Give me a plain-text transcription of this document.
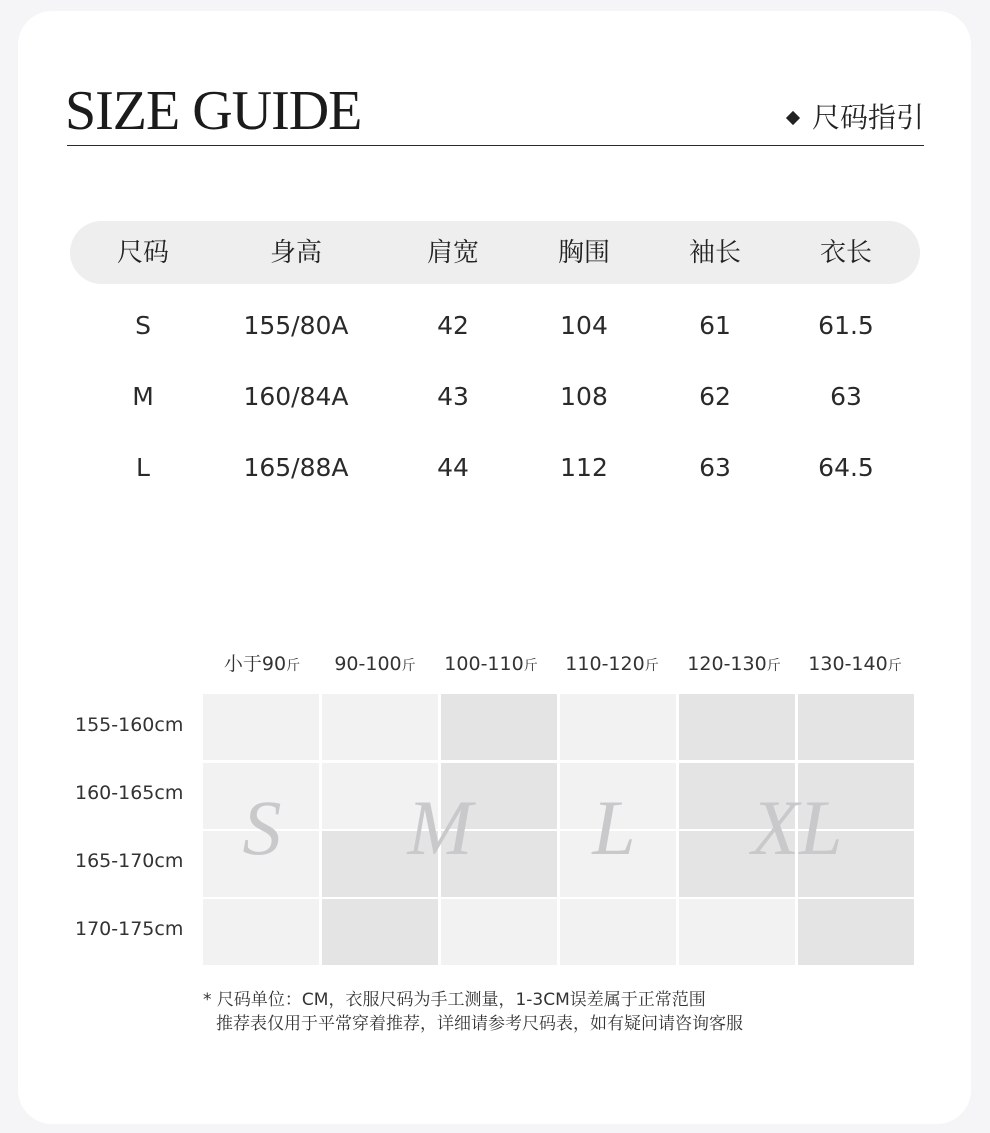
SIZE GUIDE	尺码指引
尺码	身高	肩宽	胸围	袖长	衣长
S	155/80A	42	104	61	61.5
M	160/84A	43	108	62	63
L	165/88A	44	112	63	64.5
小于90斤 90-100斤 100-110斤 110-120斤 120-130斤 130-140斤
155-160cm
160-165cm
165-170cm
170-175cm
S M L XL
* 尺码单位：CM，衣服尺码为手工测量，1-3CM误差属于正常范围
推荐表仅用于平常穿着推荐，详细请参考尺码表，如有疑问请咨询客服
